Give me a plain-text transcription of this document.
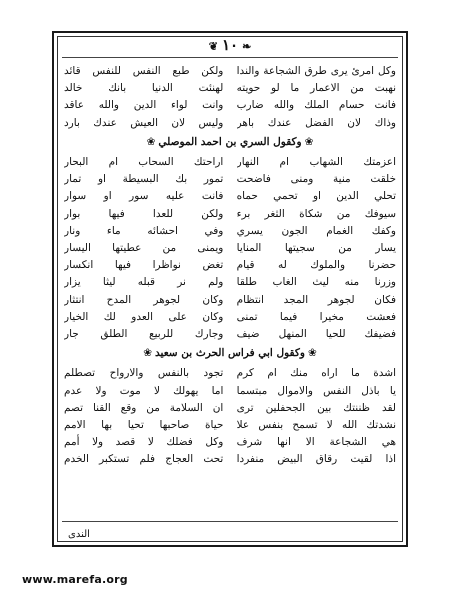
❦ ١٠ ❧
وكل امرئ يرى طرق الشجاعة والندا
ولكن طبع النفس للنفس قائد
نهبت من الاعمار ما لو حويته
لهنئت الدنيا بانك خالد
فانت حسام الملك والله ضارب
وانت لواء الدين والله عاقد
وذاك لان الفضل عندك باهر
وليس لان العيش عندك بارد
❀وكقول السري بن احمد الموصلي❀
اعزمتك الشهاب ام النهار
اراحتك السحاب ام البحار
خلقت منية ومنى فاضحت
تمور بك البسيطة او تمار
تحلي الدين او تحمي حماه
فانت عليه سور او سوار
سيوفك من شكاة الثغر برء
ولكن للعدا فيها بوار
وكفك الغمام الجون يسري
وفي احشائه ماء ونار
يسار من سجيتها المنايا
ويمنى من عطيتها اليسار
حضرنا والملوك له قيام
تغض نواظرا فيها انكسار
وزرنا منه ليث الغاب طلقا
ولم نر قبله ليثا يزار
فكان لجوهر المجد انتظام
وكان لجوهر المدح انتثار
فعشت مخيرا فيما تمنى
وكان على العدو لك الخيار
فضيفك للحيا المنهل ضيف
وجارك للربيع الطلق جار
❀وكقول ابي فراس الحرث بن سعيد❀
اشدة ما اراه منك ام كرم
تجود بالنفس والارواح تصطلم
يا باذل النفس والاموال مبتسما
اما يهولك لا موت ولا عدم
لقد ظننتك بين الجحفلين ترى
ان السلامة من وقع القنا تصم
نشدتك الله لا تسمح بنفس علا
حياة صاحبها تحيا بها الامم
هي الشجاعة الا انها شرف
وكل فضلك لا قصد ولا أمم
اذا لقيت رقاق البيض منفردا
تحت العجاج فلم تستكبر الخدم
الندى
www.marefa.org
